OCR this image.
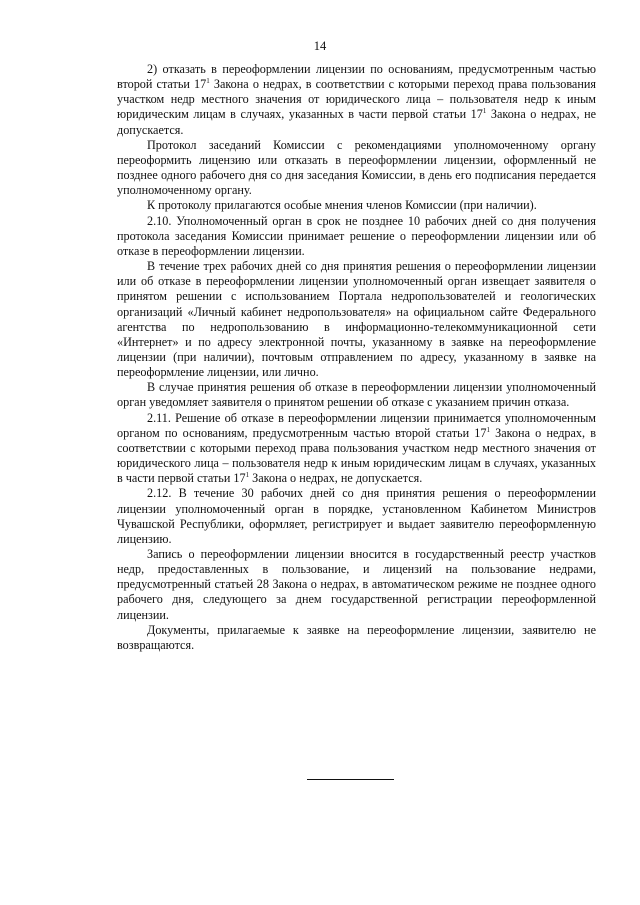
14

2) отказать в переоформлении лицензии по основаниям, предусмотренным частью второй статьи $17^1$ Закона о недрах, в соответствии с которыми переход права пользования участком недр местного значения от юридического лица – пользователя недр к иным юридическим лицам в случаях, указанных в части первой статьи $17^1$ Закона о недрах, не допускается.

Протокол заседаний Комиссии с рекомендациями уполномоченному органу переоформить лицензию или отказать в переоформлении лицензии, оформленный не позднее одного рабочего дня со дня заседания Комиссии, в день его подписания передается уполномоченному органу.

К протоколу прилагаются особые мнения членов Комиссии (при наличии).

2.10. Уполномоченный орган в срок не позднее 10 рабочих дней со дня получения протокола заседания Комиссии принимает решение о переоформлении лицензии или об отказе в переоформлении лицензии.

В течение трех рабочих дней со дня принятия решения о переоформлении лицензии или об отказе в переоформлении лицензии уполномоченный орган извещает заявителя о принятом решении с использованием Портала недропользователей и геологических организаций «Личный кабинет недропользователя» на официальном сайте Федерального агентства по недропользованию в информационно-телекоммуникационной сети «Интернет» и по адресу электронной почты, указанному в заявке на переоформление лицензии (при наличии), почтовым отправлением по адресу, указанному в заявке на переоформление лицензии, или лично.

В случае принятия решения об отказе в переоформлении лицензии уполномоченный орган уведомляет заявителя о принятом решении об отказе с указанием причин отказа.

2.11. Решение об отказе в переоформлении лицензии принимается уполномоченным органом по основаниям, предусмотренным частью второй статьи $17^1$ Закона о недрах, в соответствии с которыми переход права пользования участком недр местного значения от юридического лица – пользователя недр к иным юридическим лицам в случаях, указанных в части первой статьи $17^1$ Закона о недрах, не допускается.

2.12. В течение 30 рабочих дней со дня принятия решения о переоформлении лицензии уполномоченный орган в порядке, установленном Кабинетом Министров Чувашской Республики, оформляет, регистрирует и выдает заявителю переоформленную лицензию.

Запись о переоформлении лицензии вносится в государственный реестр участков недр, предоставленных в пользование, и лицензий на пользование недрами, предусмотренный статьей 28 Закона о недрах, в автоматическом режиме не позднее одного рабочего дня, следующего за днем государственной регистрации переоформленной лицензии.

Документы, прилагаемые к заявке на переоформление лицензии, заявителю не возвращаются.
